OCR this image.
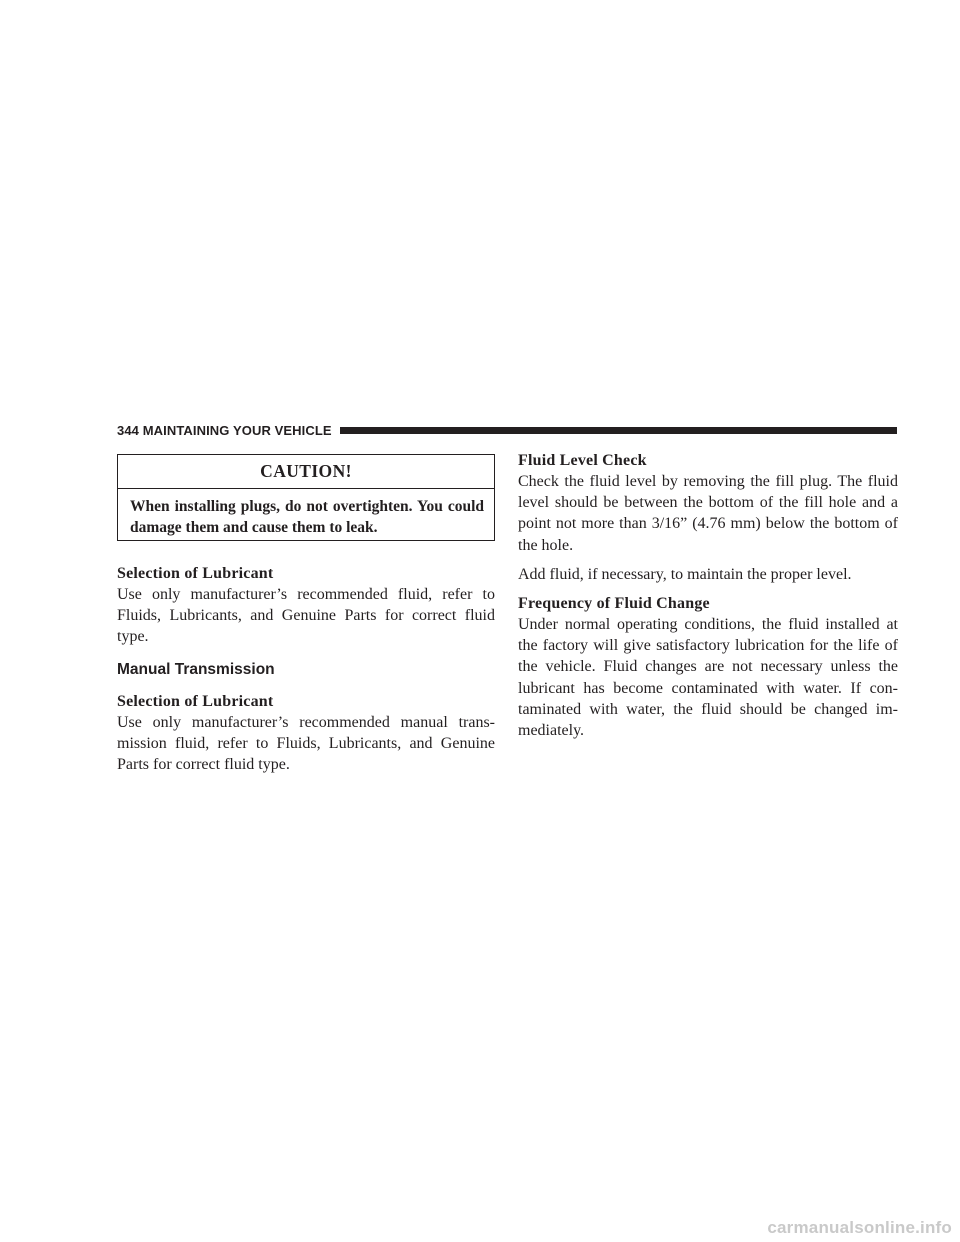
344 MAINTAINING YOUR VEHICLE
CAUTION!
When installing plugs, do not overtighten. You could damage them and cause them to leak.
Selection of Lubricant

Use only manufacturer’s recommended fluid, refer to Fluids, Lubricants, and Genuine Parts for correct fluid type.

Manual Transmission
Selection of Lubricant

Use only manufacturer’s recommended manual trans-mission fluid, refer to Fluids, Lubricants, and Genuine Parts for correct fluid type.

Fluid Level Check

Check the fluid level by removing the fill plug. The fluid level should be between the bottom of the fill hole and a point not more than 3/16” (4.76 mm) below the bottom of the hole.

Add fluid, if necessary, to maintain the proper level.

Frequency of Fluid Change

Under normal operating conditions, the fluid installed at the factory will give satisfactory lubrication for the life of the vehicle. Fluid changes are not necessary unless the lubricant has become contaminated with water. If con-taminated with water, the fluid should be changed im-mediately.

carmanualsonline.info
